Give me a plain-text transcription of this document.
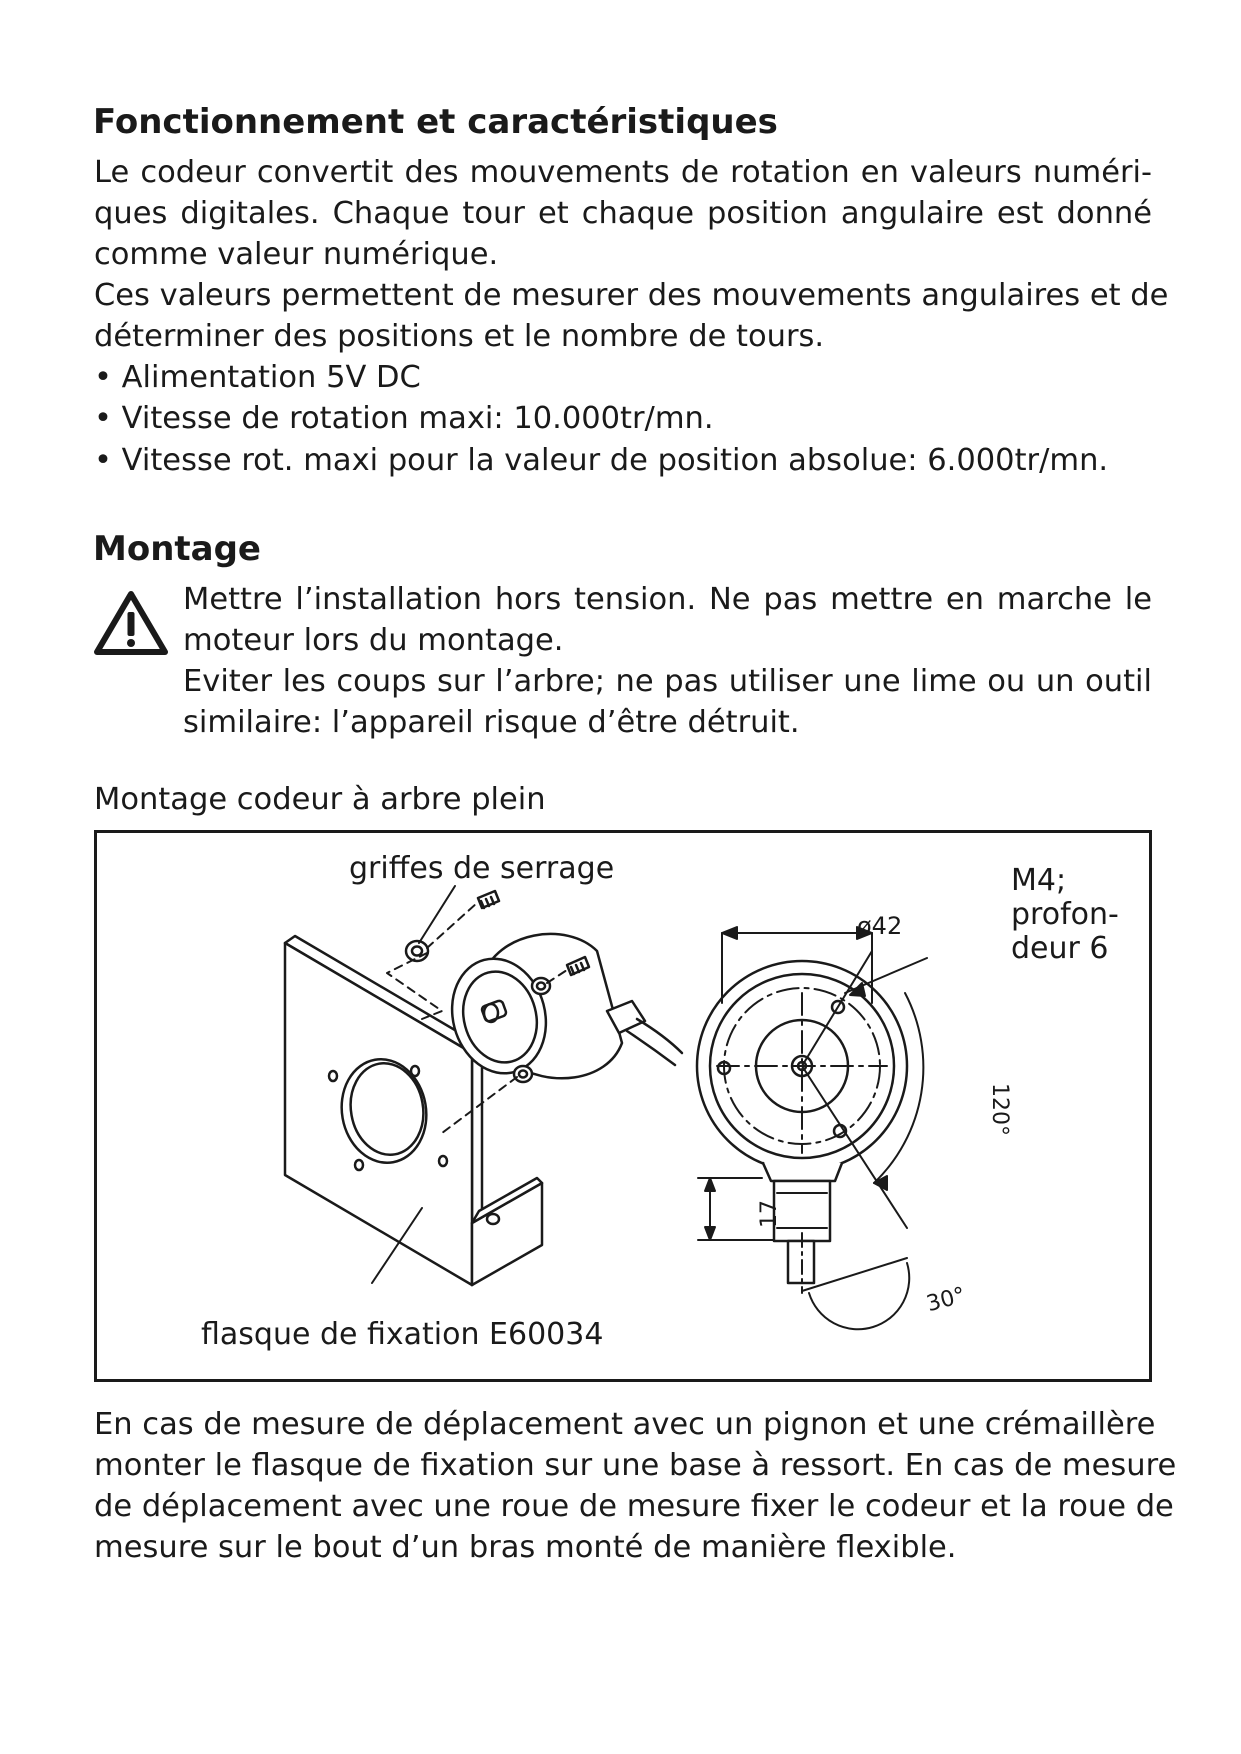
Fonctionnement et caractéristiques
Le codeur convertit des mouvements de rotation en valeurs numéri-
ques digitales. Chaque tour et chaque position angulaire est donné
comme valeur numérique.
Ces valeurs permettent de mesurer des mouvements angulaires et de
déterminer des positions et le nombre de tours.
• Alimentation 5V DC
• Vitesse de rotation maxi: 10.000tr/mn.
• Vitesse rot. maxi pour la valeur de position absolue: 6.000tr/mn.
Montage
Mettre l’installation hors tension. Ne pas mettre en marche le
moteur lors du montage.
Eviter les coups sur l’arbre; ne pas utiliser une lime ou un outil
similaire: l’appareil risque d’être détruit.
Montage codeur à arbre plein
griffes de serrage
flasque de fixation E60034
M4;
profon-
deur 6
ø42
120°
17
30°
En cas de mesure de déplacement avec un pignon et une crémaillère
monter le flasque de fixation sur une base à ressort. En cas de mesure
de déplacement avec une roue de mesure fixer le codeur et la roue de
mesure sur le bout d’un bras monté de manière flexible.
